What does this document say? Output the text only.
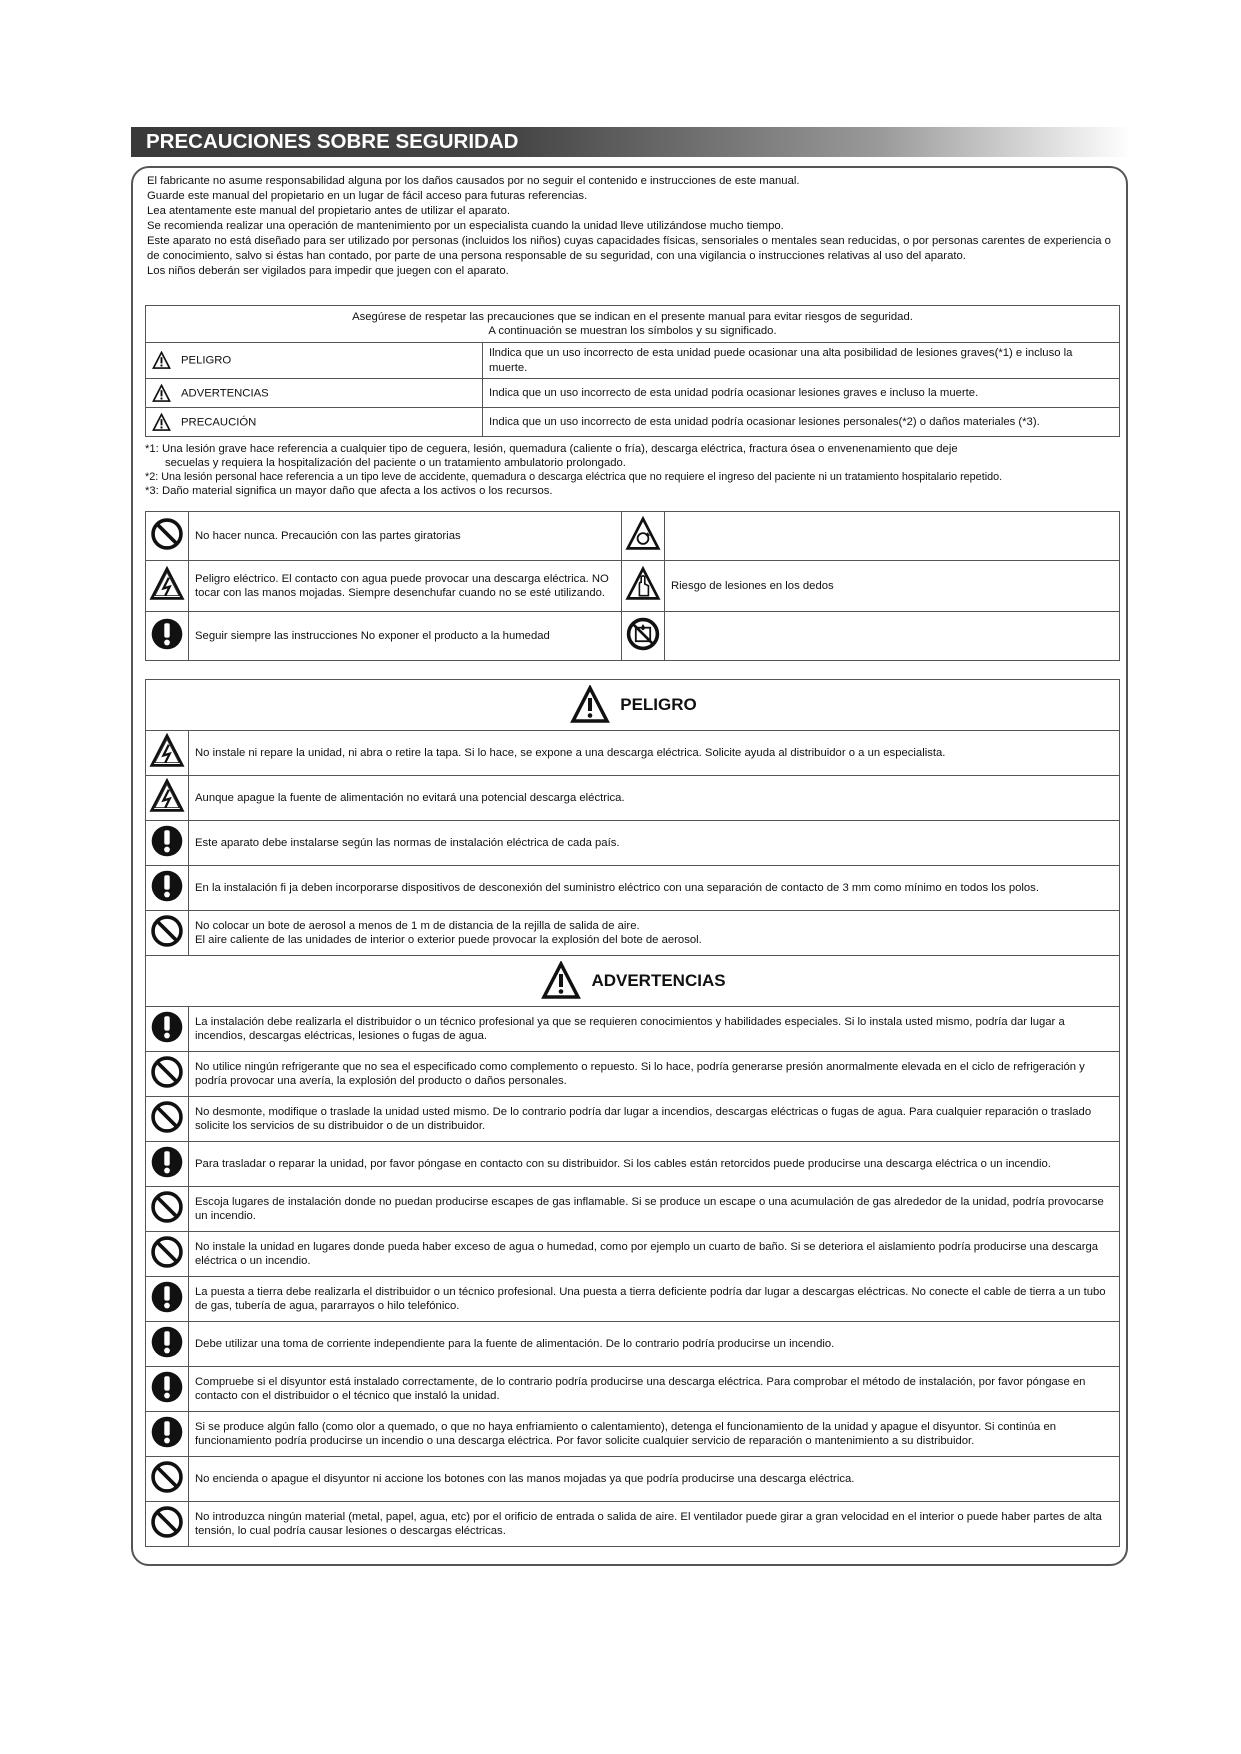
PRECAUCIONES SOBRE SEGURIDAD

El fabricante no asume responsabilidad alguna por los daños causados por no seguir el contenido e instrucciones de este manual.

Guarde este manual del propietario en un lugar de fácil acceso para futuras referencias.

Lea atentamente este manual del propietario antes de utilizar el aparato.

Se recomienda realizar una operación de mantenimiento por un especialista cuando la unidad lleve utilizándose mucho tiempo.

Este aparato no está diseñado para ser utilizado por personas (incluidos los niños) cuyas capacidades físicas, sensoriales o mentales sean reducidas, o por personas carentes de experiencia o de conocimiento, salvo si éstas han contado, por parte de una persona responsable de su seguridad, con una vigilancia o instrucciones relativas al uso del aparato.

Los niños deberán ser vigilados para impedir que juegen con el aparato.

Asegúrese de respetar las precauciones que se indican en el presente manual para evitar riesgos de seguridad.
A continuación se muestran los símbolos y su significado.	

PELIGRO	Ilndica que un uso incorrecto de esta unidad puede ocasionar una alta posibilidad de lesiones graves(*1) e incluso la muerte.
ADVERTENCIAS	Indica que un uso incorrecto de esta unidad podría ocasionar lesiones graves e incluso la muerte.
PRECAUCIÓN	Indica que un uso incorrecto de esta unidad podría ocasionar lesiones personales(*2) o daños materiales (*3).

*1: Una lesión grave hace referencia a cualquier tipo de ceguera, lesión, quemadura (caliente o fría), descarga eléctrica, fractura ósea o envenenamiento que deje

secuelas y requiera la hospitalización del paciente o un tratamiento ambulatorio prolongado.

*2: Una lesión personal hace referencia a un tipo leve de accidente, quemadura o descarga eléctrica que no requiere el ingreso del paciente ni un tratamiento hospitalario repetido.

*3: Daño material significa un mayor daño que afecta a los activos o los recursos.

	No hacer nunca. Precaución con las partes giratorias		
	Peligro eléctrico. El contacto con agua puede provocar una descarga eléctrica. NO tocar con las manos mojadas. Siempre desenchufar cuando no se esté utilizando.		Riesgo de lesiones en los dedos
	Seguir siempre las instrucciones No exponer el producto a la humedad		
PELIGRO	
	No instale ni repare la unidad, ni abra o retire la tapa. Si lo hace, se expone a una descarga eléctrica. Solicite ayuda al distribuidor o a un especialista.
	Aunque apague la fuente de alimentación no evitará una potencial descarga eléctrica.
	Este aparato debe instalarse según las normas de instalación eléctrica de cada país.
	En la instalación fi ja deben incorporarse dispositivos de desconexión del suministro eléctrico con una separación de contacto de 3 mm como mínimo en todos los polos.
	No colocar un bote de aerosol a menos de 1 m de distancia de la rejilla de salida de aire.
El aire caliente de las unidades de interior o exterior puede provocar la explosión del bote de aerosol.
ADVERTENCIAS	
	La instalación debe realizarla el distribuidor o un técnico profesional ya que se requieren conocimientos y habilidades especiales. Si lo instala usted mismo, podría dar lugar a incendios, descargas eléctricas, lesiones o fugas de agua.
	No utilice ningún refrigerante que no sea el especificado como complemento o repuesto. Si lo hace, podría generarse presión anormalmente elevada en el ciclo de refrigeración y podría provocar una avería, la explosión del producto o daños personales.
	No desmonte, modifique o traslade la unidad usted mismo. De lo contrario podría dar lugar a incendios, descargas eléctricas o fugas de agua. Para cualquier reparación o traslado solicite los servicios de su distribuidor o de un distribuidor.
	Para trasladar o reparar la unidad, por favor póngase en contacto con su distribuidor. Si los cables están retorcidos puede producirse una descarga eléctrica o un incendio.
	Escoja lugares de instalación donde no puedan producirse escapes de gas inflamable. Si se produce un escape o una acumulación de gas alrededor de la unidad, podría provocarse un incendio.
	No instale la unidad en lugares donde pueda haber exceso de agua o humedad, como por ejemplo un cuarto de baño. Si se deteriora el aislamiento podría producirse una descarga eléctrica o un incendio.
	La puesta a tierra debe realizarla el distribuidor o un técnico profesional. Una puesta a tierra deficiente podría dar lugar a descargas eléctricas. No conecte el cable de tierra a un tubo de gas, tubería de agua, pararrayos o hilo telefónico.
	Debe utilizar una toma de corriente independiente para la fuente de alimentación. De lo contrario podría producirse un incendio.
	Compruebe si el disyuntor está instalado correctamente, de lo contrario podría producirse una descarga eléctrica. Para comprobar el método de instalación, por favor póngase en contacto con el distribuidor o el técnico que instaló la unidad.
	Si se produce algún fallo (como olor a quemado, o que no haya enfriamiento o calentamiento), detenga el funcionamiento de la unidad y apague el disyuntor. Si continúa en funcionamiento podría producirse un incendio o una descarga eléctrica. Por favor solicite cualquier servicio de reparación o mantenimiento a su distribuidor.
	No encienda o apague el disyuntor ni accione los botones con las manos mojadas ya que podría producirse una descarga eléctrica.
	No introduzca ningún material (metal, papel, agua, etc) por el orificio de entrada o salida de aire. El ventilador puede girar a gran velocidad en el interior o puede haber partes de alta tensión, lo cual podría causar lesiones o descargas eléctricas.
